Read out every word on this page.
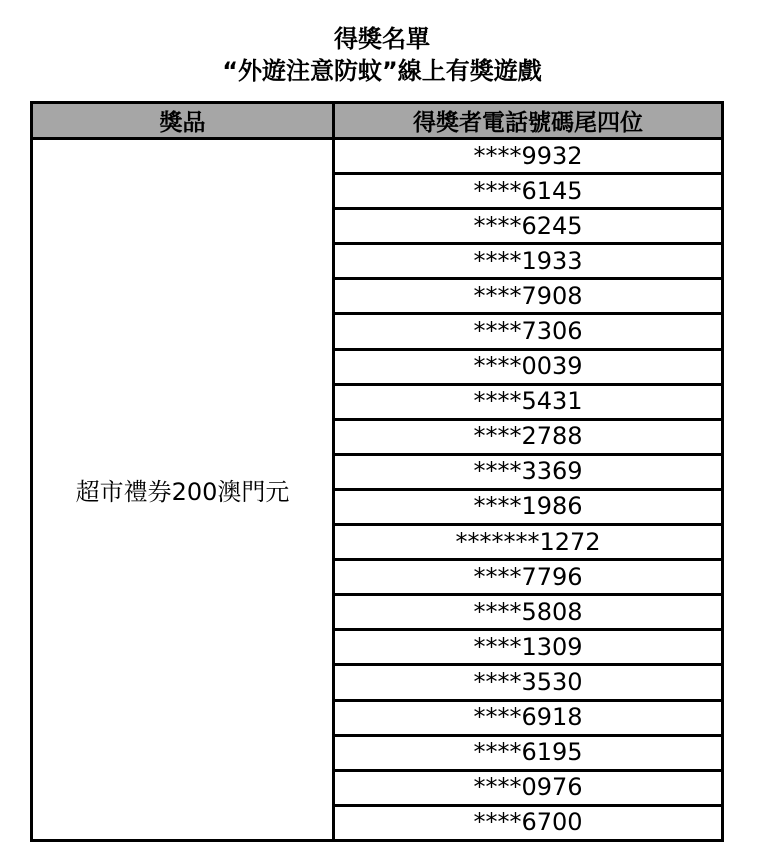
得獎名單
“外遊注意防蚊”線上有獎遊戲
獎品	得獎者電話號碼尾四位
超市禮券200澳門元	****9932
	****6145
	****6245
	****1933
	****7908
	****7306
	****0039
	****5431
	****2788
	****3369
	****1986
	*******1272
	****7796
	****5808
	****1309
	****3530
	****6918
	****6195
	****0976
	****6700
